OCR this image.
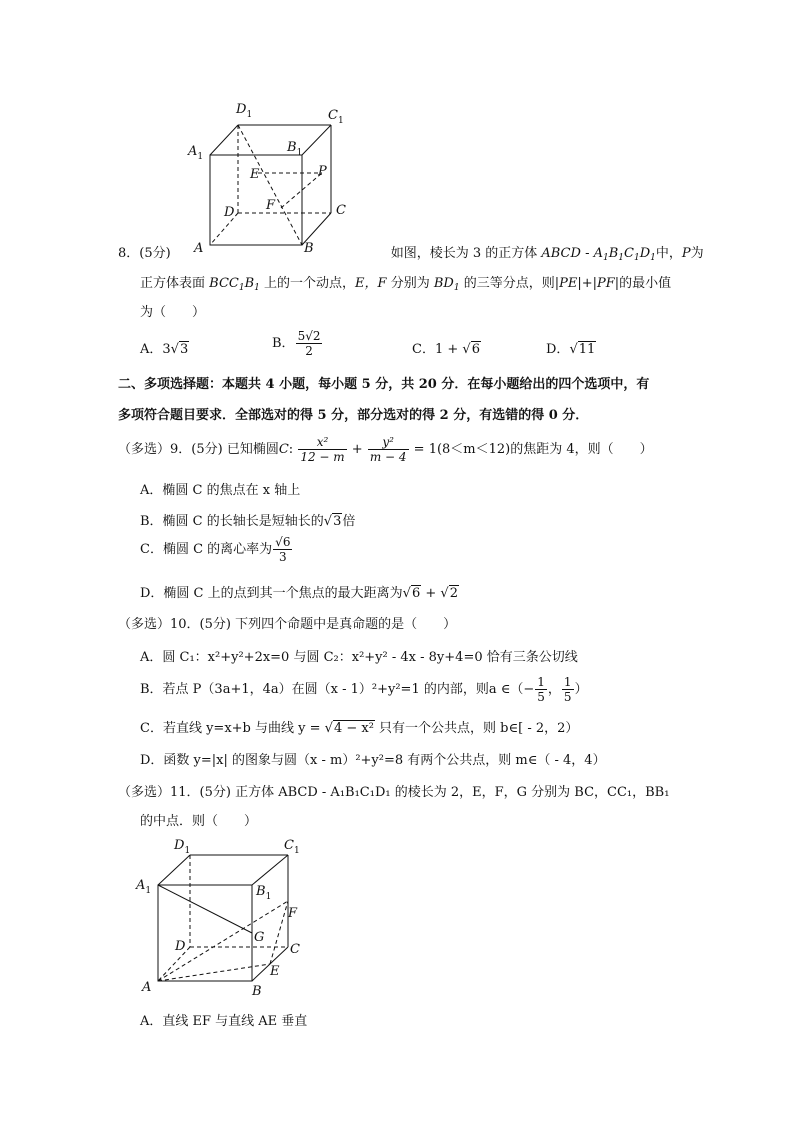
$D_1$	$C_1$
$A_1$
$B_1$
E	P
D F	C
A	B
8．(5分)	如图，棱长为 3 的正方体 ABCD - $A_1B_1C_1D_1$中，P为
正方体表面 $BCC_1B_1$ 上的一个动点，E，F 分别为 $BD_1$ 的三等分点，则|PE|+|PF|的最小值
为（　　）
A．3√3	B． $\frac{5√2}{2}$	C．1 + √6	D．√11
二、多项选择题：本题共 4 小题，每小题 5 分，共 20 分．在每小题给出的四个选项中，有
多项符合题目要求．全部选对的得 5 分，部分选对的得 2 分，有选错的得 0 分．
（多选）9．(5分) 已知椭圆C: $\frac{\text{x²}}{12 - m} + \frac{\text{y²}}{m - 4} = 1(8<m<12)$的焦距为 4，则（　　）
A．椭圆 C 的焦点在 x 轴上
B．椭圆 C 的长轴长是短轴长的√3倍
C．椭圆 C 的离心率为 $\frac{√6}{3}$
D．椭圆 C 上的点到其一个焦点的最大距离为√6 + √2
（多选）10．(5分) 下列四个命题中是真命题的是（　　）
A．圆 C₁：x²+y²+2x=0 与圆 C₂：x²+y² - 4x - 8y+4=0 恰有三条公切线
B．若点 P（3a+1，4a）在圆（x - 1）²+y²=1 的内部，则a ∈（− $\frac{1}{5}$ ， $\frac{1}{5}$ ）
C．若直线 y=x+b 与曲线 y = √4 − x² 只有一个公共点，则 b∈[ - 2，2）
D．函数 y=|x| 的图象与圆（x - m）²+y²=8 有两个公共点，则 m∈（ - 4，4）
（多选）11．(5分) 正方体 ABCD - A₁B₁C₁D₁ 的棱长为 2，E，F，G 分别为 BC，CC₁，BB₁
的中点．则（　　）
$D_1$	$C_1$
$A_1$	$B_1$
F
G
D	C
E
A	B
A．直线 EF 与直线 AE 垂直
